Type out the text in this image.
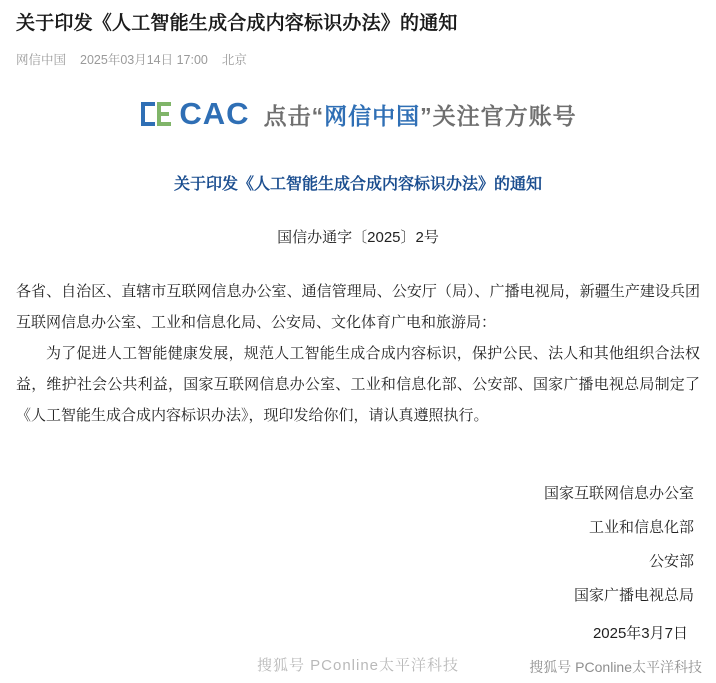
关于印发《人工智能生成合成内容标识办法》的通知
网信中国 2025年03月14日 17:00 北京
CAC 点击“网信中国”关注官方账号
关于印发《人工智能生成合成内容标识办法》的通知
国信办通字〔2025〕2号

各省、自治区、直辖市互联网信息办公室、通信管理局、公安厅（局）、广播电视局，新疆生产建设兵团互联网信息办公室、工业和信息化局、公安局、文化体育广电和旅游局：

为了促进人工智能健康发展，规范人工智能生成合成内容标识，保护公民、法人和其他组织合法权益，维护社会公共利益，国家互联网信息办公室、工业和信息化部、公安部、国家广播电视总局制定了《人工智能生成合成内容标识办法》，现印发给你们，请认真遵照执行。

国家互联网信息办公室
工业和信息化部
公安部
国家广播电视总局
2025年3月7日
搜狐号 PConline太平洋科技	搜狐号 PConline太平洋科技
